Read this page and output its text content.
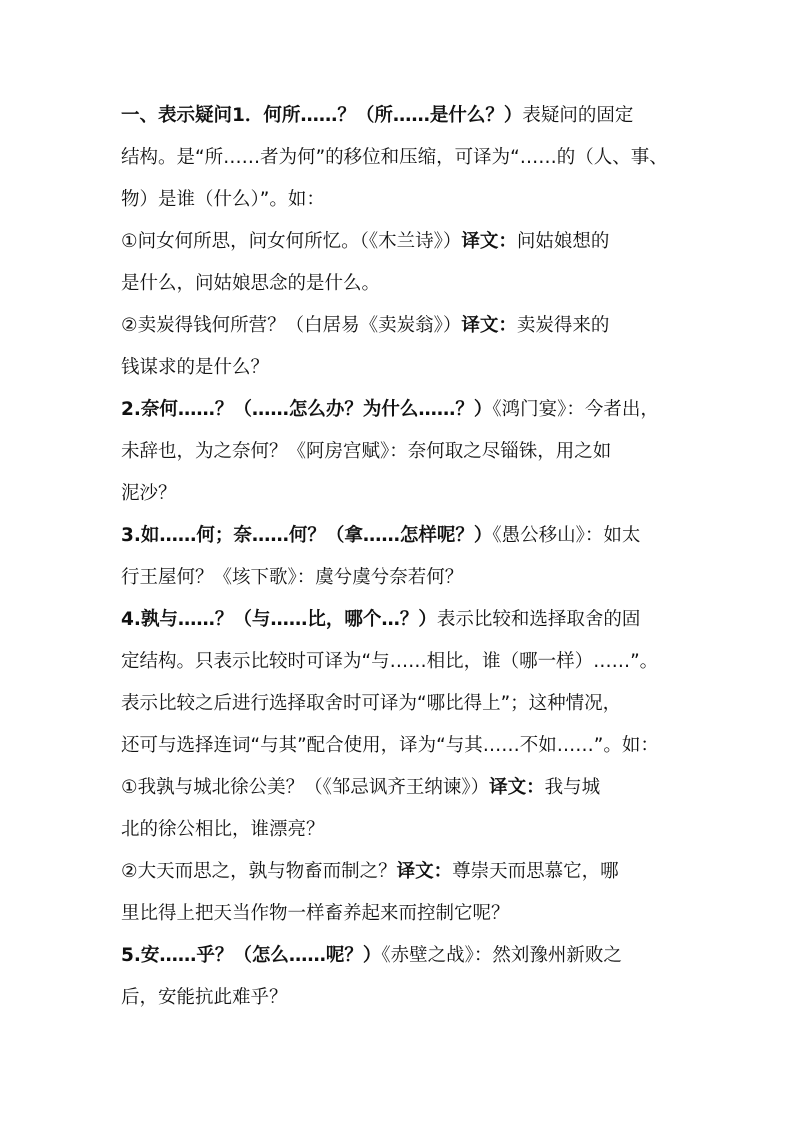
一、表示疑问1．何所……？（所……是什么？）表疑问的固定
结构。是“所……者为何”的移位和压缩，可译为“……的（人、事、
物）是谁（什么）”。如：
①问女何所思，问女何所忆。（《木兰诗》）译文：问姑娘想的
是什么，问姑娘思念的是什么。
②卖炭得钱何所营？（白居易《卖炭翁》）译文：卖炭得来的
钱谋求的是什么？
2.奈何……？（……怎么办？为什么……？）《鸿门宴》：今者出，
未辞也，为之奈何？《阿房宫赋》：奈何取之尽锱铢，用之如
泥沙？
3.如……何；奈……何？（拿……怎样呢？）《愚公移山》：如太
行王屋何？《垓下歌》：虞兮虞兮奈若何？
4.孰与……？（与……比，哪个…？）表示比较和选择取舍的固
定结构。只表示比较时可译为“与……相比，谁（哪一样）……”。
表示比较之后进行选择取舍时可译为“哪比得上”；这种情况，
还可与选择连词“与其”配合使用，译为“与其……不如……”。如：
①我孰与城北徐公美？（《邹忌讽齐王纳谏》）译文：我与城
北的徐公相比，谁漂亮？
②大天而思之，孰与物畜而制之？译文：尊崇天而思慕它，哪
里比得上把天当作物一样畜养起来而控制它呢？
5.安……乎？（怎么……呢？）《赤壁之战》：然刘豫州新败之
后，安能抗此难乎？
